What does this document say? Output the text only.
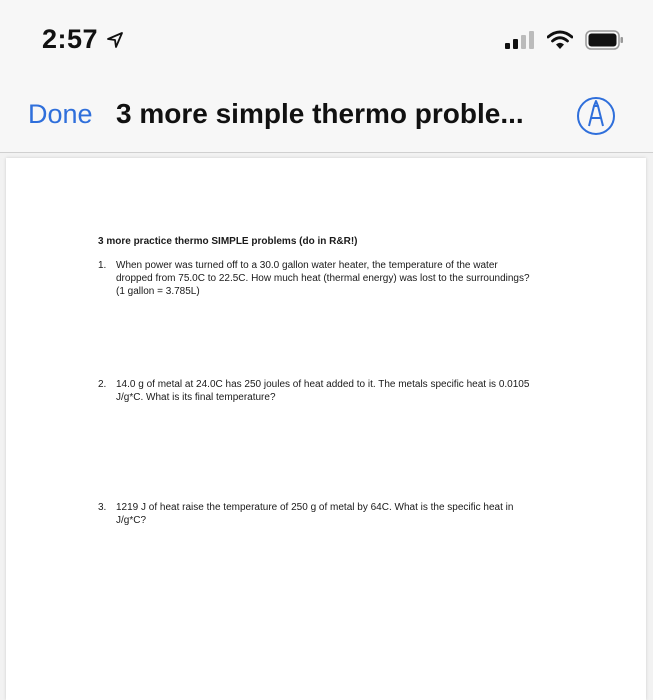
2:57
Done 3 more simple thermo proble...
3 more practice thermo SIMPLE problems (do in R&R!)
1. When power was turned off to a 30.0 gallon water heater, the temperature of the water
dropped from 75.0C to 22.5C. How much heat (thermal energy) was lost to the surroundings?
(1 gallon = 3.785L)
2. 14.0 g of metal at 24.0C has 250 joules of heat added to it. The metals specific heat is 0.0105
J/g*C. What is its final temperature?
3. 1219 J of heat raise the temperature of 250 g of metal by 64C. What is the specific heat in
J/g*C?
